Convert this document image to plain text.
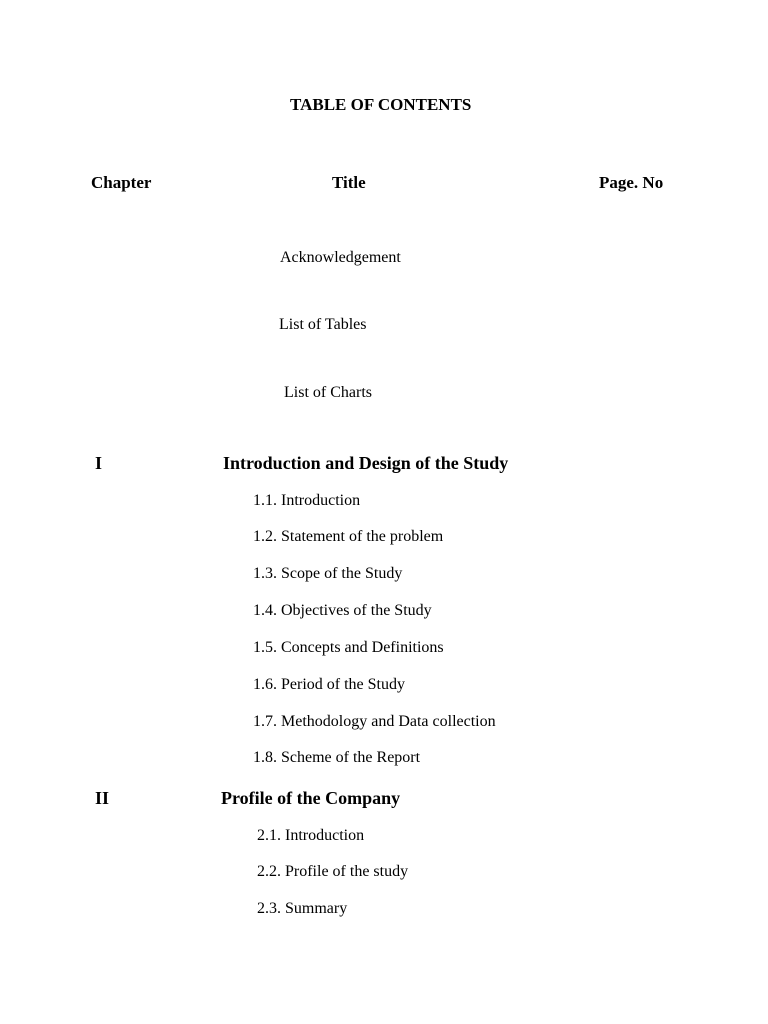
TABLE OF CONTENTS
Chapter	Title	Page. No
Acknowledgement
List of Tables
List of Charts
I	Introduction and Design of the Study
1.1. Introduction
1.2. Statement of the problem
1.3. Scope of the Study
1.4. Objectives of the Study
1.5. Concepts and Definitions
1.6. Period of the Study
1.7. Methodology and Data collection
1.8. Scheme of the Report
II	Profile of the Company
2.1. Introduction
2.2. Profile of the study
2.3. Summary
